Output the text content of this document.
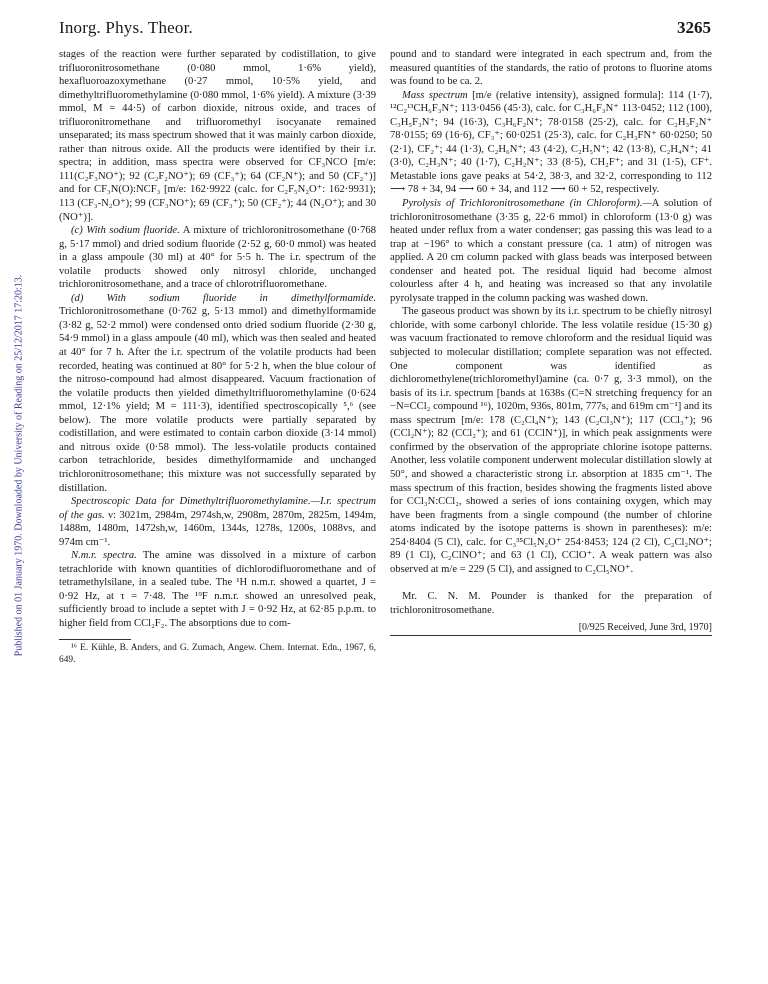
Inorg. Phys. Theor.	3265
Published on 01 January 1970. Downloaded by University of Reading on 25/12/2017 17:20:13.

stages of the reaction were further separated by codistillation, to give trifluoronitrosomethane (0·080 mmol, 1·6% yield), hexafluoroazoxymethane (0·27 mmol, 10·5% yield, and dimethyltrifluoromethylamine (0·080 mmol, 1·6% yield). A mixture (3·39 mmol, M = 44·5) of carbon dioxide, nitrous oxide, and traces of trifluoronitromethane and trifluoromethyl isocyanate remained unseparated; its mass spectrum showed that it was mainly carbon dioxide, rather than nitrous oxide. All the products were identified by their i.r. spectra; in addition, mass spectra were observed for CF₃NCO [m/e: 111(C₂F₃NO⁺); 92 (C₂F₂NO⁺); 69 (CF₃⁺); 64 (CF₂N⁺); and 50 (CF₂⁺)] and for CF₃N(O):NCF₃ [m/e: 162·9922 (calc. for C₂F₅N₂O⁺: 162·9931); 113 (CF₃-N₂O⁺); 99 (CF₃NO⁺); 69 (CF₃⁺); 50 (CF₂⁺); 44 (N₂O⁺); and 30 (NO⁺)].

(c) With sodium fluoride. A mixture of trichloronitrosomethane (0·768 g, 5·17 mmol) and dried sodium fluoride (2·52 g, 60·0 mmol) was heated in a glass ampoule (30 ml) at 40° for 5·5 h. The i.r. spectrum of the volatile products showed only nitrosyl chloride, unchanged trichloronitrosomethane, and a trace of chlorotrifluoromethane.

(d) With sodium fluoride in dimethylformamide. Trichloronitrosomethane (0·762 g, 5·13 mmol) and dimethylformamide (3·82 g, 52·2 mmol) were condensed onto dried sodium fluoride (2·30 g, 54·9 mmol) in a glass ampoule (40 ml), which was then sealed and heated at 40° for 7 h. After the i.r. spectrum of the volatile products had been recorded, heating was continued at 80° for 5·2 h, when the blue colour of the nitroso-compound had almost disappeared. Vacuum fractionation of the volatile products then yielded dimethyltrifluoromethylamine (0·624 mmol, 12·1% yield; M = 111·3), identified spectroscopically ⁵,⁶ (see below). The more volatile products were partially separated by codistillation, and were estimated to contain carbon dioxide (3·14 mmol) and nitrous oxide (0·58 mmol). The less-volatile products contained carbon tetrachloride, besides dimethylformamide and unchanged trichloronitrosomethane; this mixture was not successfully separated by distillation.

Spectroscopic Data for Dimethyltrifluoromethylamine.—I.r. spectrum of the gas. ν: 3021m, 2984m, 2974sh,w, 2908m, 2870m, 2825m, 1494m, 1488m, 1480m, 1472sh,w, 1460m, 1344s, 1278s, 1200s, 1088vs, and 974m cm⁻¹.

N.m.r. spectra. The amine was dissolved in a mixture of carbon tetrachloride with known quantities of dichlorodifluoromethane and of tetramethylsilane, in a sealed tube. The ¹H n.m.r. showed a quartet, J = 0·92 Hz, at τ = 7·48. The ¹⁹F n.m.r. showed an unresolved peak, sufficiently broad to include a septet with J = 0·92 Hz, at 62·85 p.p.m. to higher field from CCl₂F₂. The absorptions due to com-

¹⁶ E. Kühle, B. Anders, and G. Zumach, Angew. Chem. Internat. Edn., 1967, 6, 649.

pound and to standard were integrated in each spectrum and, from the measured quantities of the standards, the ratio of protons to fluorine atoms was found to be ca. 2.

Mass spectrum [m/e (relative intensity), assigned formula]: 114 (1·7), ¹²C₂¹³CH₆F₃N⁺; 113·0456 (45·3), calc. for C₃H₆F₃N⁺ 113·0452; 112 (100), C₃H₅F₃N⁺; 94 (16·3), C₃H₆F₂N⁺; 78·0158 (25·2), calc. for C₂H₃F₂N⁺ 78·0155; 69 (16·6), CF₃⁺; 60·0251 (25·3), calc. for C₂H₃FN⁺ 60·0250; 50 (2·1), CF₂⁺; 44 (1·3), C₂H₆N⁺; 43 (4·2), C₂H₅N⁺; 42 (13·8), C₂H₄N⁺; 41 (3·0), C₂H₃N⁺; 40 (1·7), C₂H₂N⁺; 33 (8·5), CH₂F⁺; and 31 (1·5), CF⁺. Metastable ions gave peaks at 54·2, 38·3, and 32·2, corresponding to 112 ⟶ 78 + 34, 94 ⟶ 60 + 34, and 112 ⟶ 60 + 52, respectively.

Pyrolysis of Trichloronitrosomethane (in Chloroform).—A solution of trichloronitrosomethane (3·35 g, 22·6 mmol) in chloroform (13·0 g) was heated under reflux from a water condenser; gas passing this was lead to a trap at −196° to which a constant pressure (ca. 1 atm) of nitrogen was applied. A 20 cm column packed with glass beads was interposed between condenser and heated pot. The residual liquid had become almost colourless after 4 h, and heating was increased so that any involatile pyrolysate trapped in the column packing was washed down.

The gaseous product was shown by its i.r. spectrum to be chiefly nitrosyl chloride, with some carbonyl chloride. The less volatile residue (15·30 g) was vacuum fractionated to remove chloroform and the residual liquid was subjected to molecular distillation; complete separation was not effected. One component was identified as dichloromethylene(trichloromethyl)amine (ca. 0·7 g, 3·3 mmol), on the basis of its i.r. spectrum [bands at 1638s (C=N stretching frequency for an −N=CCl₂ compound ¹⁶), 1020m, 936s, 801m, 777s, and 619m cm⁻¹] and its mass spectrum [m/e: 178 (C₂Cl₄N⁺); 143 (C₂Cl₃N⁺); 117 (CCl₃⁺); 96 (CCl₂N⁺); 82 (CCl₂⁺); and 61 (CClN⁺)], in which peak assignments were confirmed by the observation of the appropriate chlorine isotope patterns. Another, less volatile component underwent molecular distillation slowly at 50°, and showed a characteristic strong i.r. absorption at 1835 cm⁻¹. The mass spectrum of this fraction, besides showing the fragments listed above for CCl₃N:CCl₂, showed a series of ions containing oxygen, which may have been fragments from a single compound (the number of chlorine atoms indicated by the isotope patterns is shown in parentheses): m/e: 254·8404 (5 Cl), calc. for C₃³⁵Cl₅N₂O⁺ 254·8453; 124 (2 Cl), C₂Cl₂NO⁺; 89 (1 Cl), C₂ClNO⁺; and 63 (1 Cl), CClO⁺. A weak pattern was also observed at m/e = 229 (5 Cl), and assigned to C₂Cl₅NO⁺.

Mr. C. N. M. Pounder is thanked for the preparation of trichloronitrosomethane.

[0/925 Received, June 3rd, 1970]
